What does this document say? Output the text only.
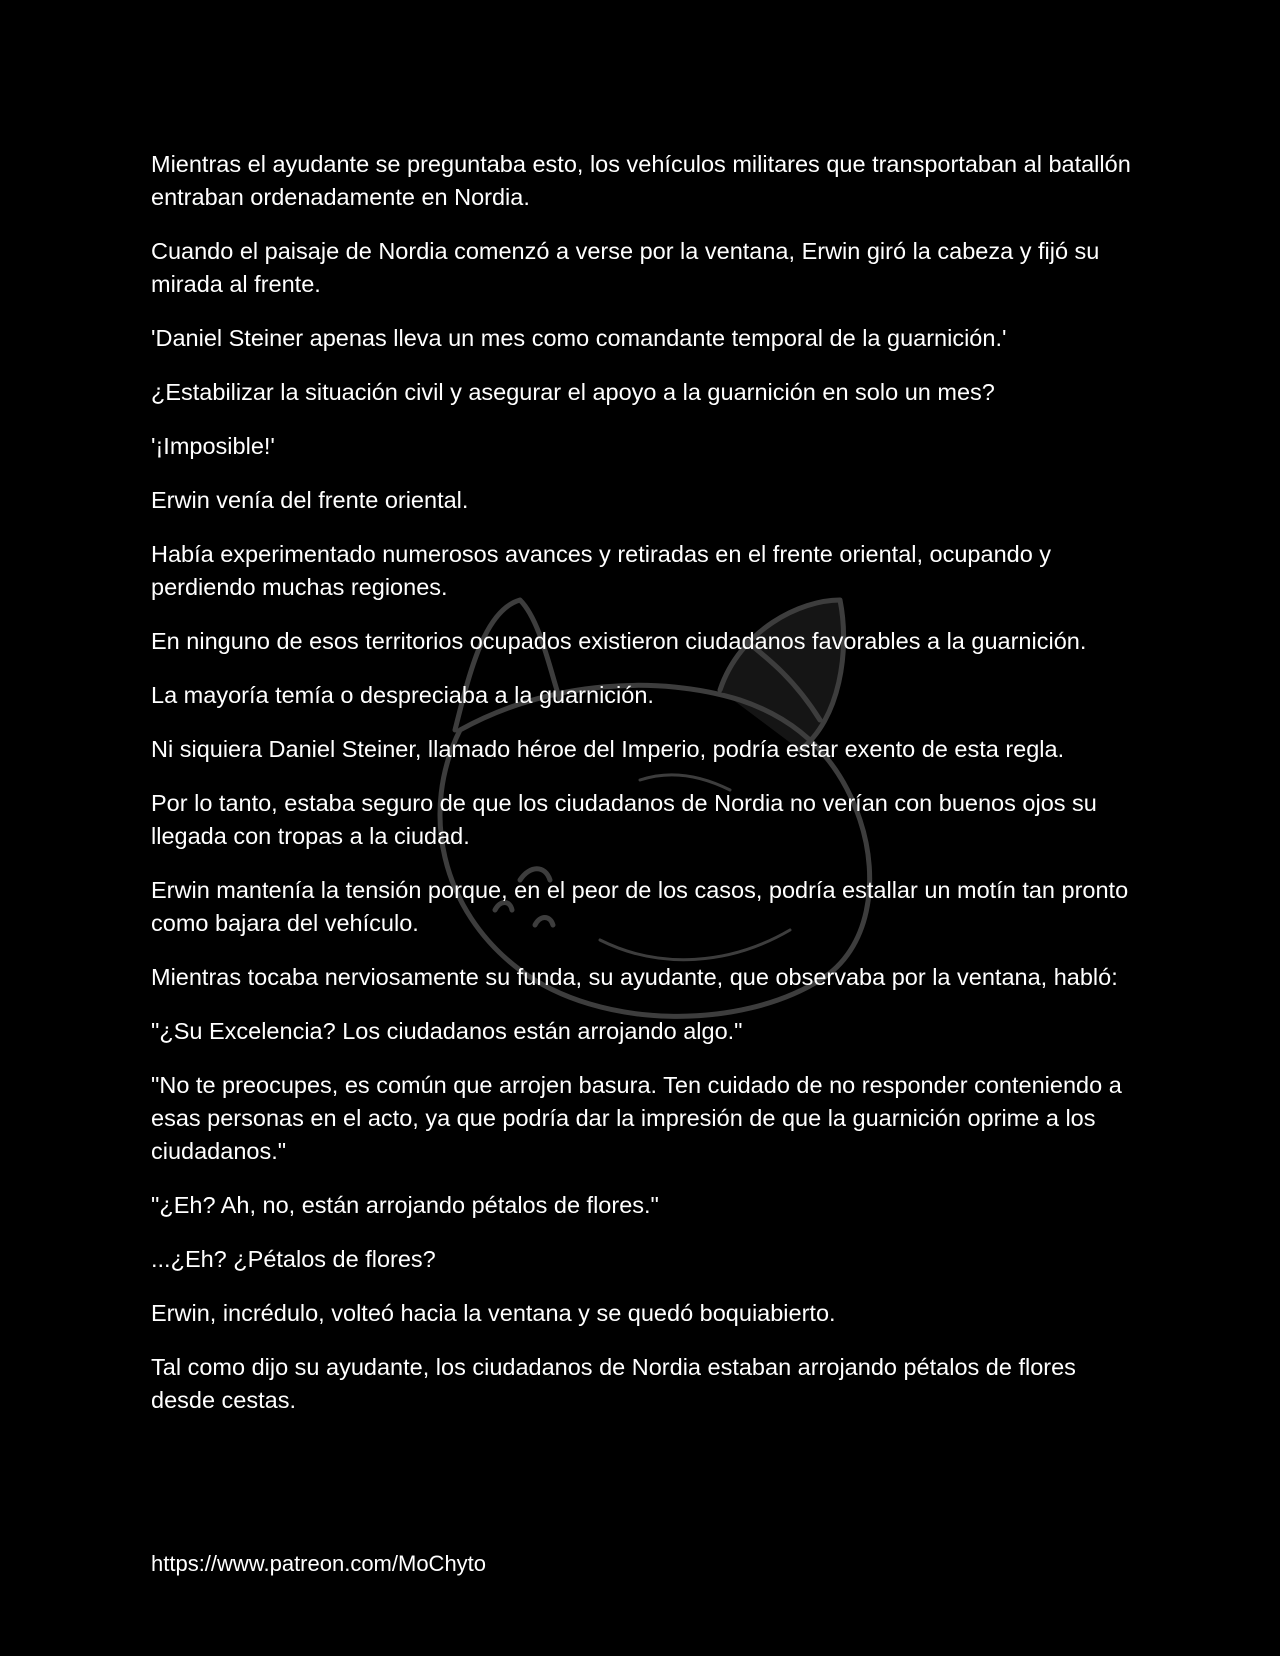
Mientras el ayudante se preguntaba esto, los vehículos militares que transportaban al batallón entraban ordenadamente en Nordia.

Cuando el paisaje de Nordia comenzó a verse por la ventana, Erwin giró la cabeza y fijó su mirada al frente.

'Daniel Steiner apenas lleva un mes como comandante temporal de la guarnición.'

¿Estabilizar la situación civil y asegurar el apoyo a la guarnición en solo un mes?

'¡Imposible!'

Erwin venía del frente oriental.

Había experimentado numerosos avances y retiradas en el frente oriental, ocupando y perdiendo muchas regiones.

En ninguno de esos territorios ocupados existieron ciudadanos favorables a la guarnición.

La mayoría temía o despreciaba a la guarnición.

Ni siquiera Daniel Steiner, llamado héroe del Imperio, podría estar exento de esta regla.

Por lo tanto, estaba seguro de que los ciudadanos de Nordia no verían con buenos ojos su llegada con tropas a la ciudad.

Erwin mantenía la tensión porque, en el peor de los casos, podría estallar un motín tan pronto como bajara del vehículo.

Mientras tocaba nerviosamente su funda, su ayudante, que observaba por la ventana, habló:

"¿Su Excelencia? Los ciudadanos están arrojando algo."

"No te preocupes, es común que arrojen basura. Ten cuidado de no responder conteniendo a esas personas en el acto, ya que podría dar la impresión de que la guarnición oprime a los ciudadanos."

"¿Eh? Ah, no, están arrojando pétalos de flores."

...¿Eh? ¿Pétalos de flores?

Erwin, incrédulo, volteó hacia la ventana y se quedó boquiabierto.

Tal como dijo su ayudante, los ciudadanos de Nordia estaban arrojando pétalos de flores desde cestas.

https://www.patreon.com/MoChyto
